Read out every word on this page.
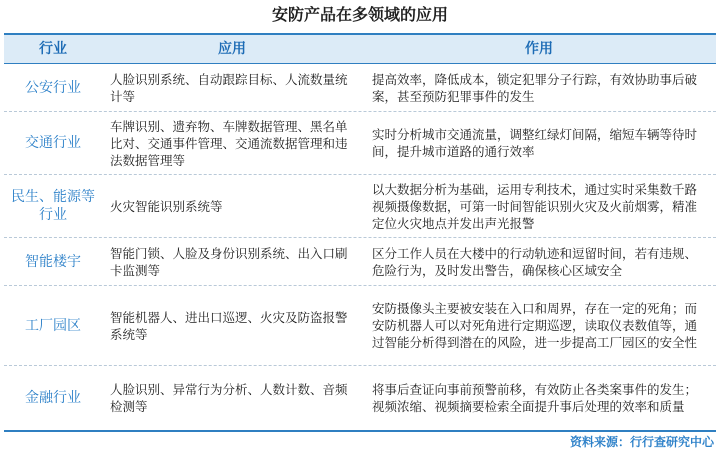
安防产品在多领域的应用
行业	应用	作用
公安行业
人脸识别系统、自动跟踪目标、人流数量统计等
提高效率，降低成本，锁定犯罪分子行踪，有效协助事后破案，甚至预防犯罪事件的发生
交通行业
车牌识别、遗弃物、车牌数据管理、黑名单比对、交通事件管理、交通流数据管理和违法数据管理等
实时分析城市交通流量，调整红绿灯间隔，缩短车辆等待时间，提升城市道路的通行效率
民生、能源等行业
火灾智能识别系统等
以大数据分析为基础，运用专利技术，通过实时采集数千路视频摄像数据，可第一时间智能识别火灾及火前烟雾，精准定位火灾地点并发出声光报警
智能楼宇
智能门锁、人脸及身份识别系统、出入口刷卡监测等
区分工作人员在大楼中的行动轨迹和逗留时间，若有违规、危险行为，及时发出警告，确保核心区域安全
工厂园区
智能机器人、进出口巡逻、火灾及防盗报警系统等
安防摄像头主要被安装在入口和周界，存在一定的死角；而安防机器人可以对死角进行定期巡逻，读取仪表数值等，通过智能分析得到潜在的风险，进一步提高工厂园区的安全性
金融行业
人脸识别、异常行为分析、人数计数、音频检测等
将事后查证向事前预警前移，有效防止各类案事件的发生；视频浓缩、视频摘要检索全面提升事后处理的效率和质量
资料来源：行行查研究中心
